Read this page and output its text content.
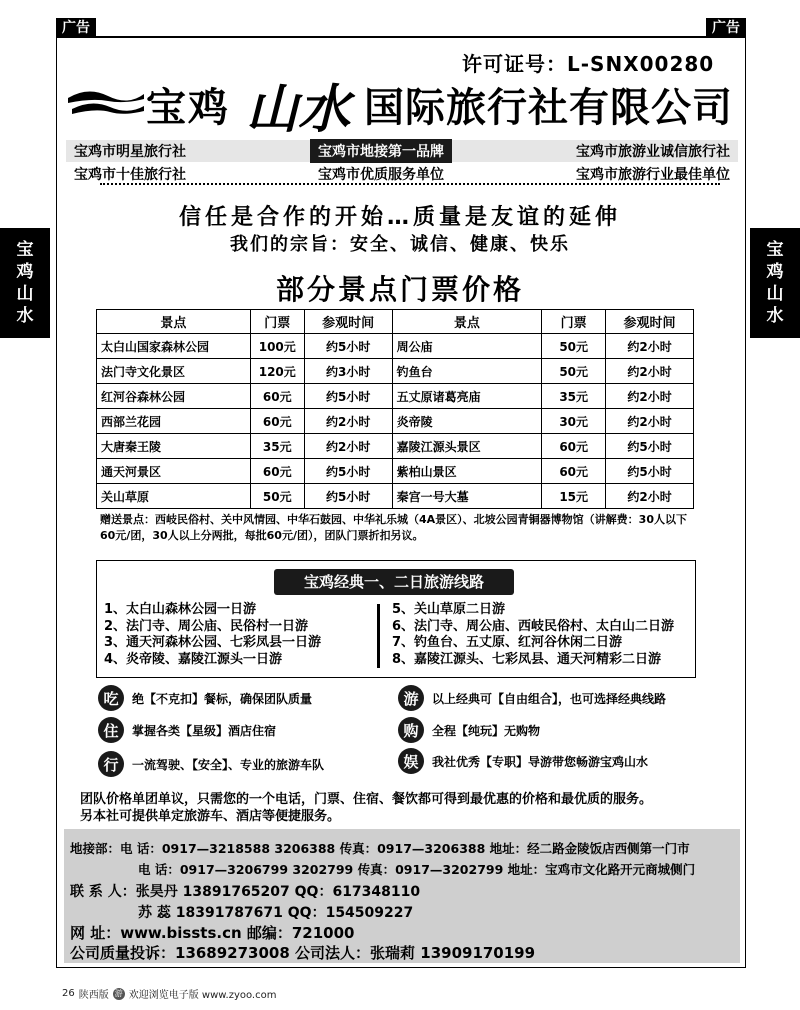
广告	广告
宝
鸡
山
水
宝
鸡
山
水
许可证号：L-SNX00280
宝鸡 山水 国际旅行社有限公司
宝鸡市明星旅行社	宝鸡市地接第一品牌	宝鸡市旅游业诚信旅行社
宝鸡市十佳旅行社	宝鸡市优质服务单位	宝鸡市旅游行业最佳单位
信任是合作的开始…质量是友谊的延伸
我们的宗旨：安全、诚信、健康、快乐
部分景点门票价格
景点	门票	参观时间	景点	门票	参观时间
太白山国家森林公园	100元	约5小时	周公庙	50元	约2小时
法门寺文化景区	120元	约3小时	钓鱼台	50元	约2小时
红河谷森林公园	60元	约5小时	五丈原诸葛亮庙	35元	约2小时
西部兰花园	60元	约2小时	炎帝陵	30元	约2小时
大唐秦王陵	35元	约2小时	嘉陵江源头景区	60元	约5小时
通天河景区	60元	约5小时	紫柏山景区	60元	约5小时
关山草原	50元	约5小时	秦宫一号大墓	15元	约2小时
赠送景点：西岐民俗村、关中风情园、中华石鼓园、中华礼乐城（4A景区）、北坡公园青铜器博物馆（讲解费：30人以下60元/团，30人以上分两批，每批60元/团），团队门票折扣另议。
宝鸡经典一、二日旅游线路
1、太白山森林公园一日游
2、法门寺、周公庙、民俗村一日游
3、通天河森林公园、七彩凤县一日游
4、炎帝陵、嘉陵江源头一日游
5、关山草原二日游
6、法门寺、周公庙、西岐民俗村、太白山二日游
7、钓鱼台、五丈原、红河谷休闲二日游
8、嘉陵江源头、七彩凤县、通天河精彩二日游
吃	绝【不克扣】餐标，确保团队质量
住	掌握各类【星级】酒店住宿
行	一流驾驶、【安全】、专业的旅游车队
游	以上经典可【自由组合】，也可选择经典线路
购	全程【纯玩】无购物
娱	我社优秀【专职】导游带您畅游宝鸡山水
团队价格单团单议，只需您的一个电话，门票、住宿、餐饮都可得到最优惠的价格和最优质的服务。
另本社可提供单定旅游车、酒店等便捷服务。
地接部：电 话：0917—3218588 3206388 传真：0917—3206388 地址：经二路金陵饭店西侧第一门市
电 话：0917—3206799 3202799 传真：0917—3202799 地址：宝鸡市文化路开元商城侧门
联 系 人：张昊丹 13891765207 QQ：617348110
苏 蕊 18391787671 QQ：154509227
网 址：www.bissts.cn 邮编：721000
公司质量投诉：13689273008 公司法人：张瑞莉 13909170199
26 陕西版 游 欢迎浏览电子版 www.zyoo.com
